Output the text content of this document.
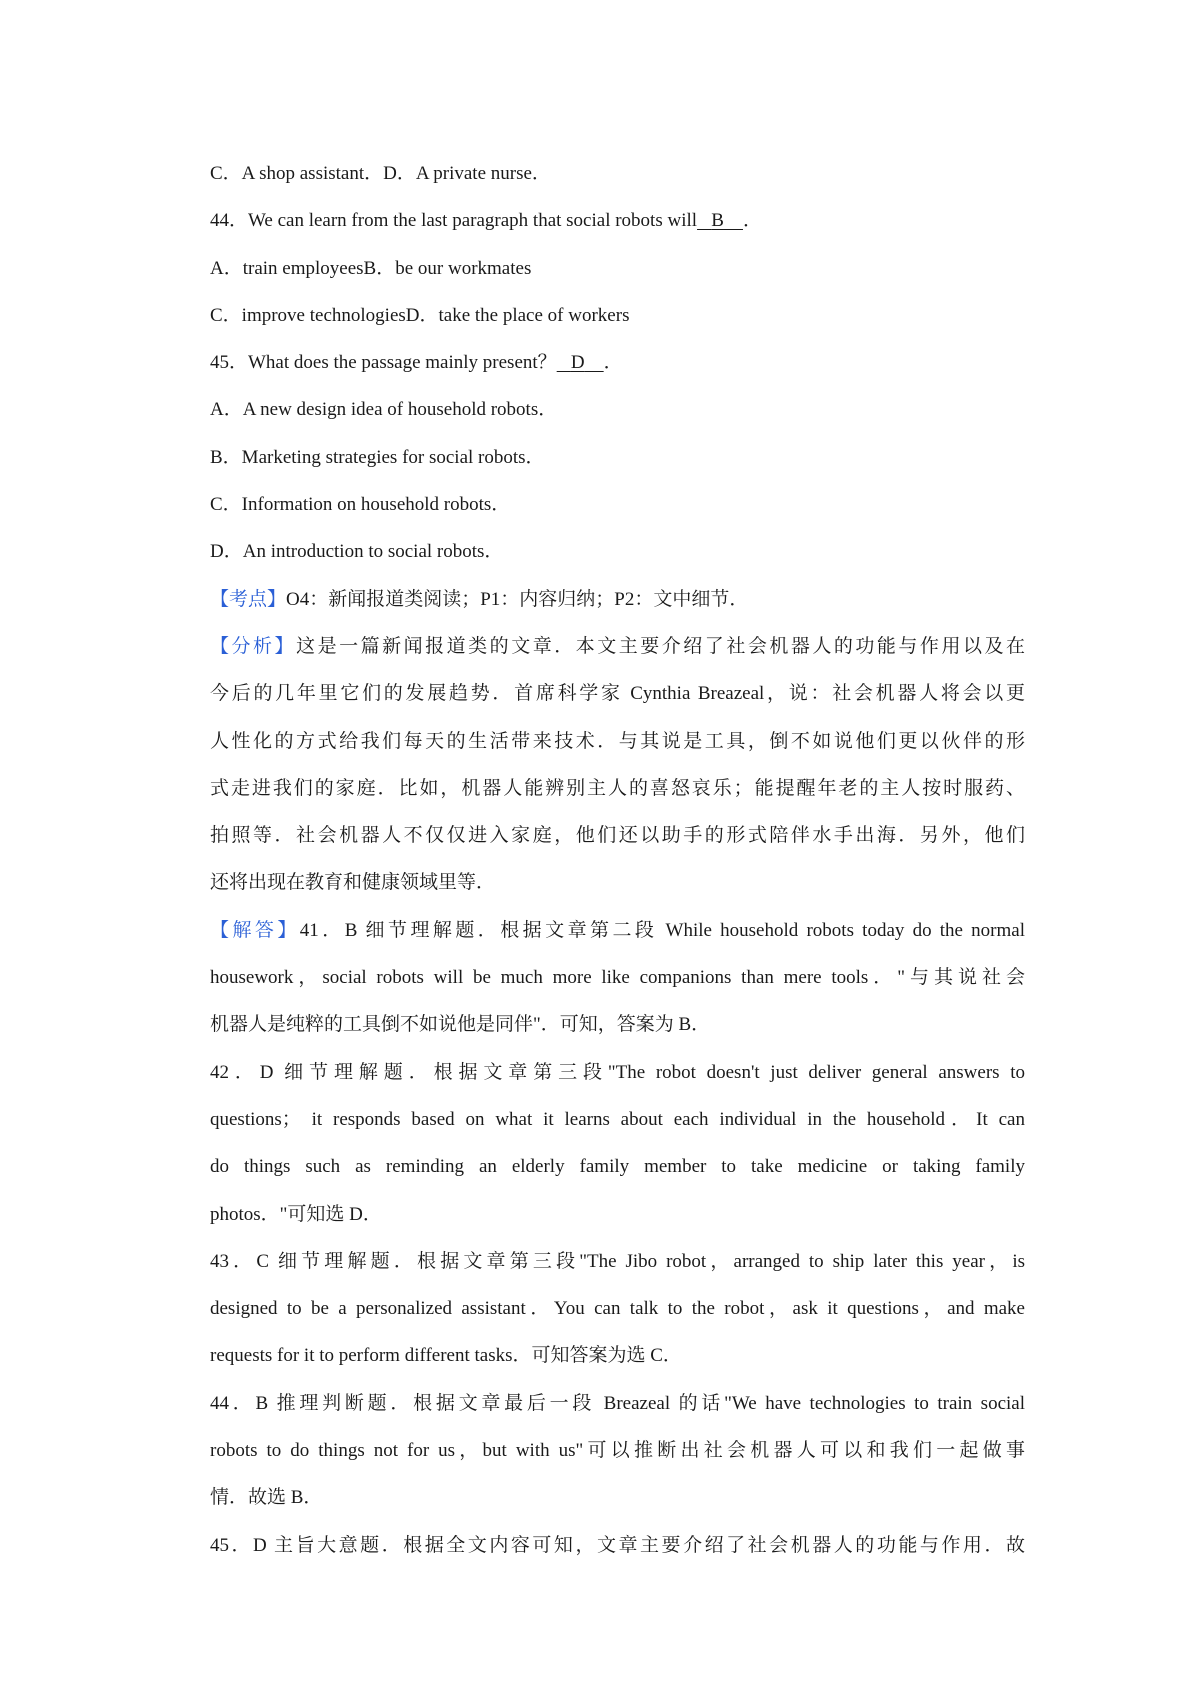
C．A shop assistant．D．A private nurse．
44．We can learn from the last paragraph that social robots will B ．
A．train employeesB．be our workmates
C．improve technologiesD．take the place of workers
45．What does the passage mainly present？ D ．
A．A new design idea of household robots．
B．Marketing strategies for social robots．
C．Information on household robots．
D．An introduction to social robots．
【考点】O4：新闻报道类阅读；P1：内容归纳；P2：文中细节．
【分析】这是一篇新闻报道类的文章．本文主要介绍了社会机器人的功能与作用以及在
今后的几年里它们的发展趋势．首席科学家 Cynthia Breazeal，说：社会机器人将会以更
人性化的方式给我们每天的生活带来技术．与其说是工具，倒不如说他们更以伙伴的形
式走进我们的家庭．比如，机器人能辨别主人的喜怒哀乐；能提醒年老的主人按时服药、
拍照等．社会机器人不仅仅进入家庭，他们还以助手的形式陪伴水手出海．另外，他们
还将出现在教育和健康领域里等．
【解答】41．B 细节理解题．根据文章第二段 While household robots today do the normal
housework，social robots will be much more like companions than mere tools．"与其说社会
机器人是纯粹的工具倒不如说他是同伴"．可知，答案为 B．
42．D 细节理解题．根据文章第三段"The robot doesn't just deliver general answers to
questions； it responds based on what it learns about each individual in the household．It can
do things such as reminding an elderly family member to take medicine or taking family
photos．"可知选 D．
43．C 细节理解题．根据文章第三段"The Jibo robot，arranged to ship later this year，is
designed to be a personalized assistant．You can talk to the robot，ask it questions，and make
requests for it to perform different tasks．可知答案为选 C．
44．B 推理判断题．根据文章最后一段 Breazeal 的话"We have technologies to train social
robots to do things not for us，but with us"可以推断出社会机器人可以和我们一起做事
情．故选 B．
45．D 主旨大意题．根据全文内容可知，文章主要介绍了社会机器人的功能与作用．故
